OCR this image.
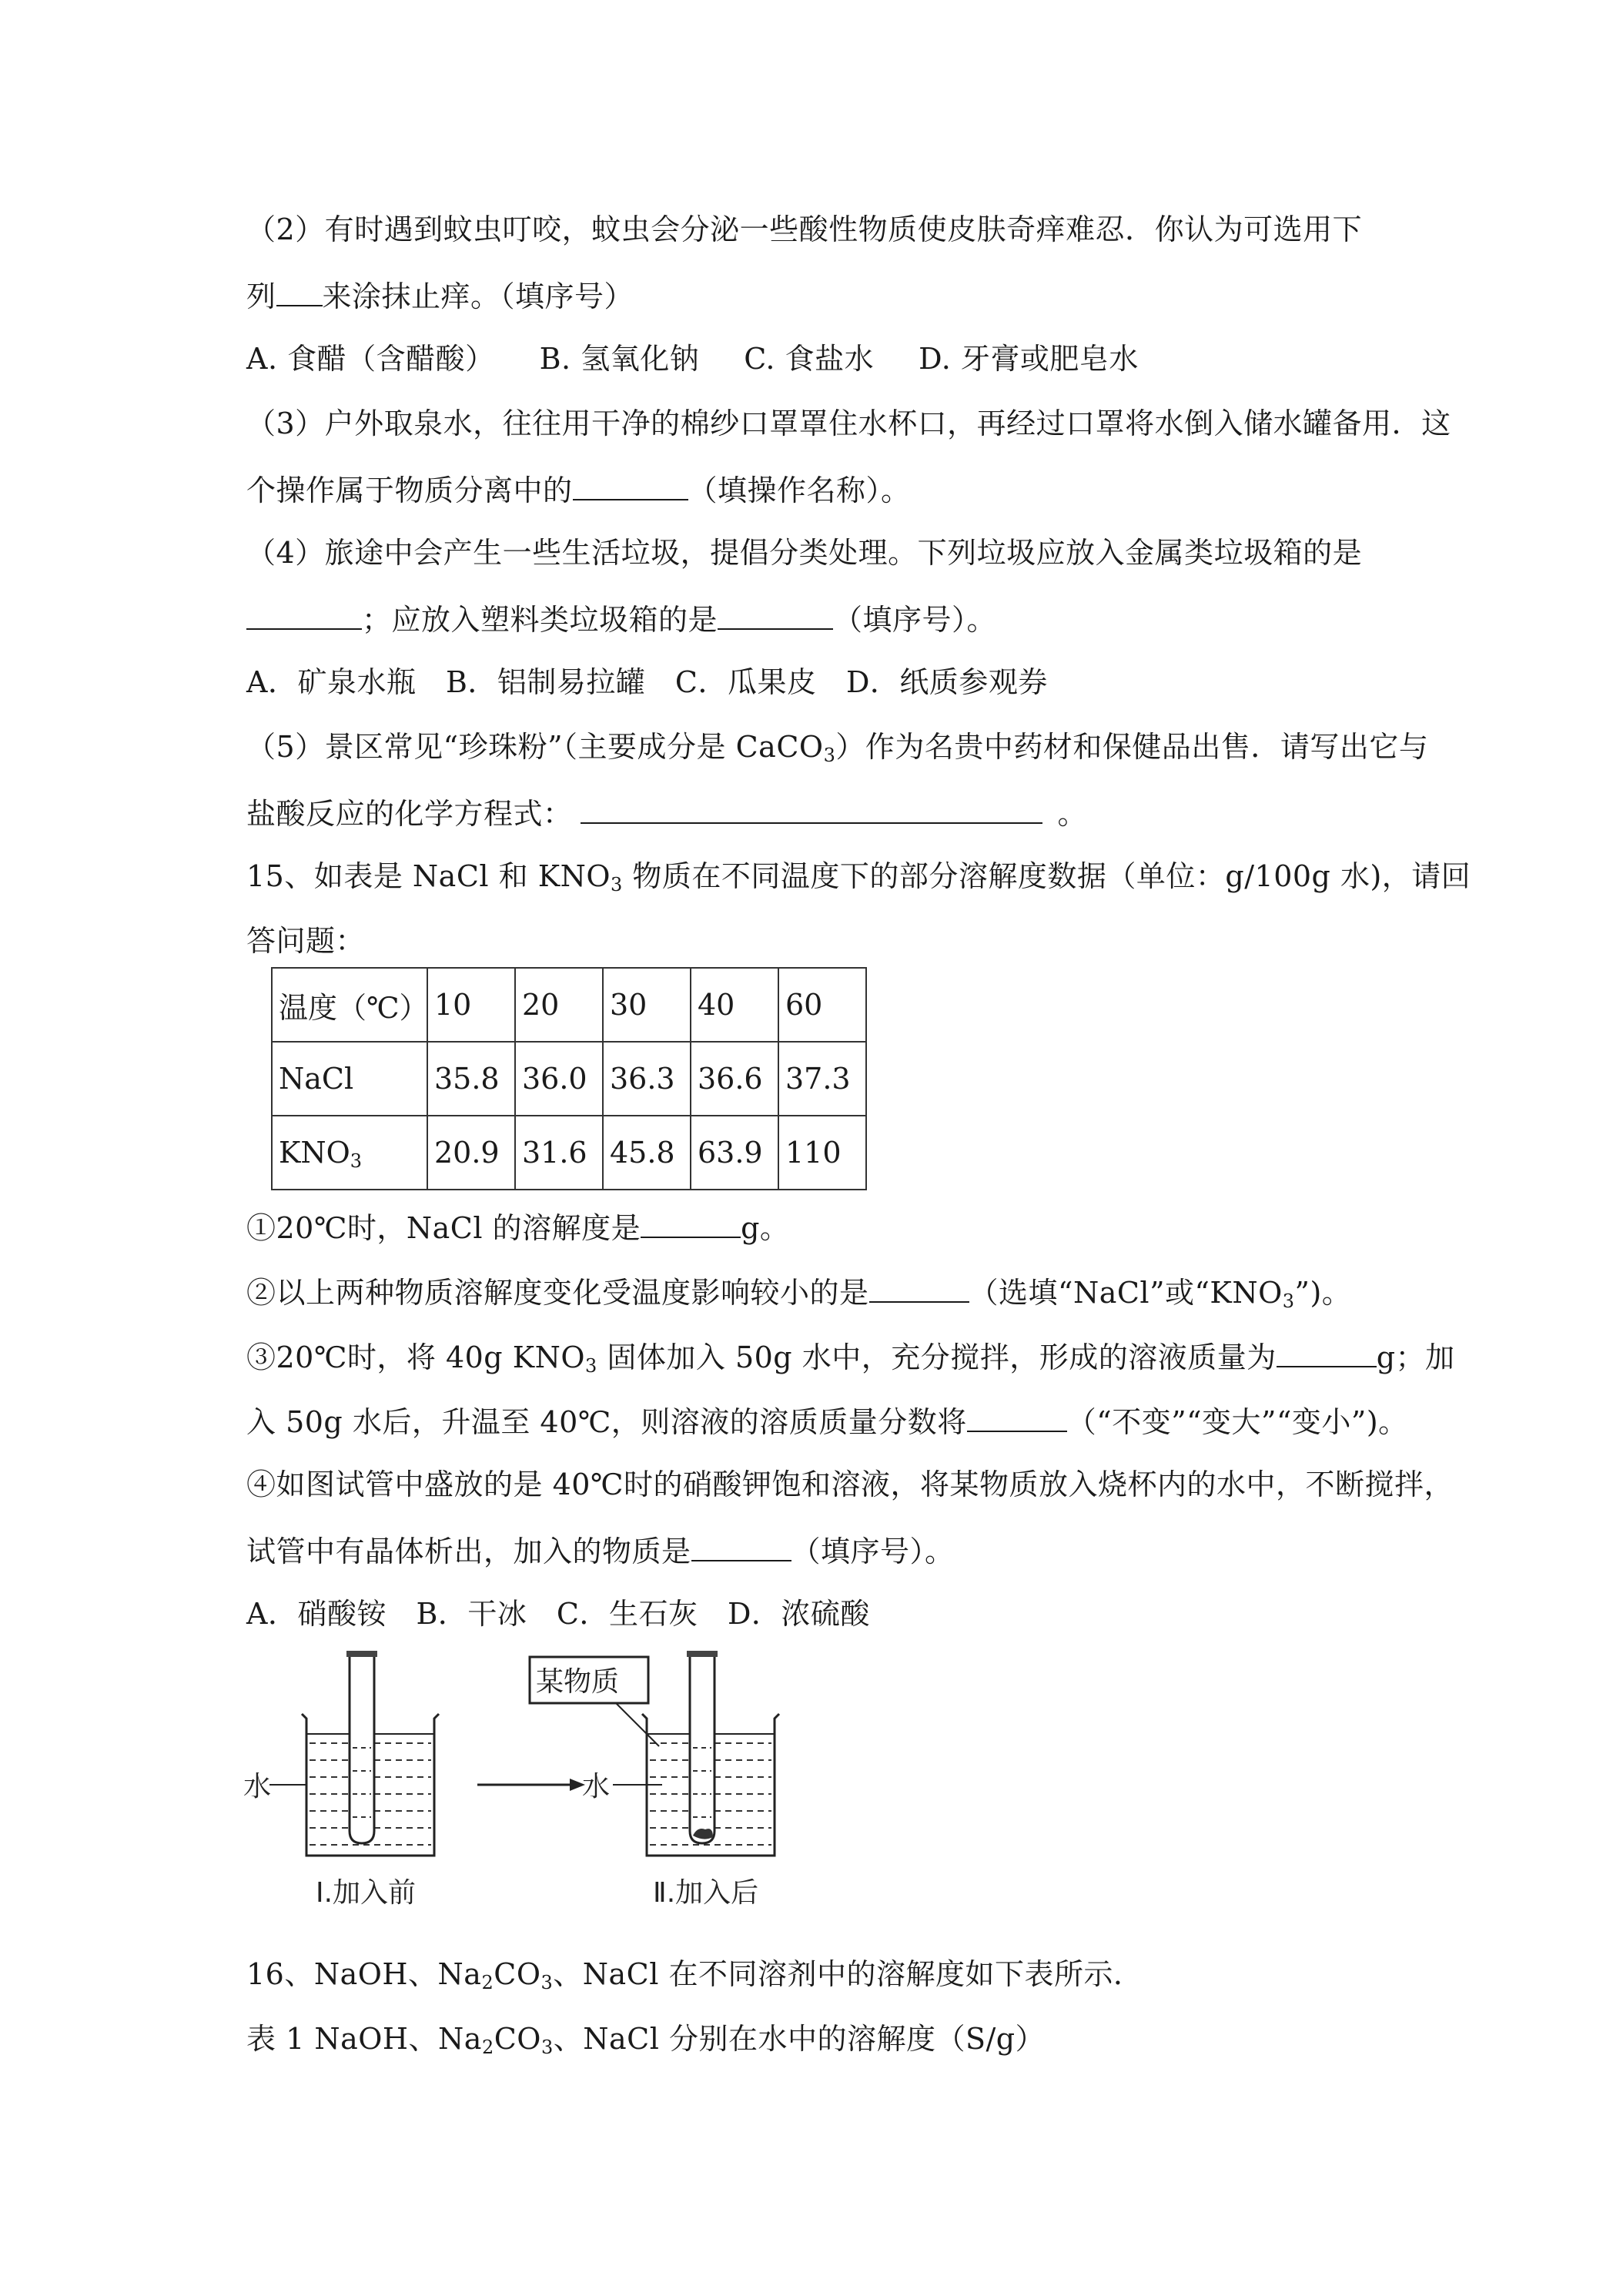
（2）有时遇到蚊虫叮咬，蚊虫会分泌一些酸性物质使皮肤奇痒难忍．你认为可选用下
列 来涂抹止痒。（填序号）
A. 食醋（含醋酸） B. 氢氧化钠 C. 食盐水 D. 牙膏或肥皂水
（3）户外取泉水，往往用干净的棉纱口罩罩住水杯口，再经过口罩将水倒入储水罐备用．这
个操作属于物质分离中的	（填操作名称）。
（4）旅途中会产生一些生活垃圾，提倡分类处理。下列垃圾应放入金属类垃圾箱的是
；应放入塑料类垃圾箱的是	（填序号）。
A．矿泉水瓶　B．铝制易拉罐　C．瓜果皮　D．纸质参观券
（5）景区常见“珍珠粉”（主要成分是 CaCO$_3$）作为名贵中药材和保健品出售．请写出它与
盐酸反应的化学方程式：	。
15、如表是 NaCl 和 $KNO_3$ 物质在不同温度下的部分溶解度数据（单位：g/100g 水)，请回
答问题：
温度（℃）	10	20	30	40	60
NaCl	35.8	36.0	36.3	36.6	37.3
$KNO_3$	20.9	31.6	45.8	63.9	110
①20℃时，NaCl 的溶解度是	g。
②以上两种物质溶解度变化受温度影响较小的是	（选填“NaCl”或“$KNO_3$”)。
③20℃时，将 40g $KNO_3$ 固体加入 50g 水中，充分搅拌，形成的溶液质量为	g；加
入 50g 水后，升温至 40℃，则溶液的溶质质量分数将	（“不变”“变大”“变小”)。
④如图试管中盛放的是 40℃时的硝酸钾饱和溶液，将某物质放入烧杯内的水中，不断搅拌，
试管中有晶体析出，加入的物质是	（填序号）。
A．硝酸铵　B．干冰　C．生石灰　D．浓硫酸
水
Ⅰ.加入前
某物质
水
Ⅱ.加入后
16、NaOH、$Na_2CO_3$、NaCl 在不同溶剂中的溶解度如下表所示．
表 1 NaOH、$Na_2CO_3$、NaCl 分别在水中的溶解度（S/g）
